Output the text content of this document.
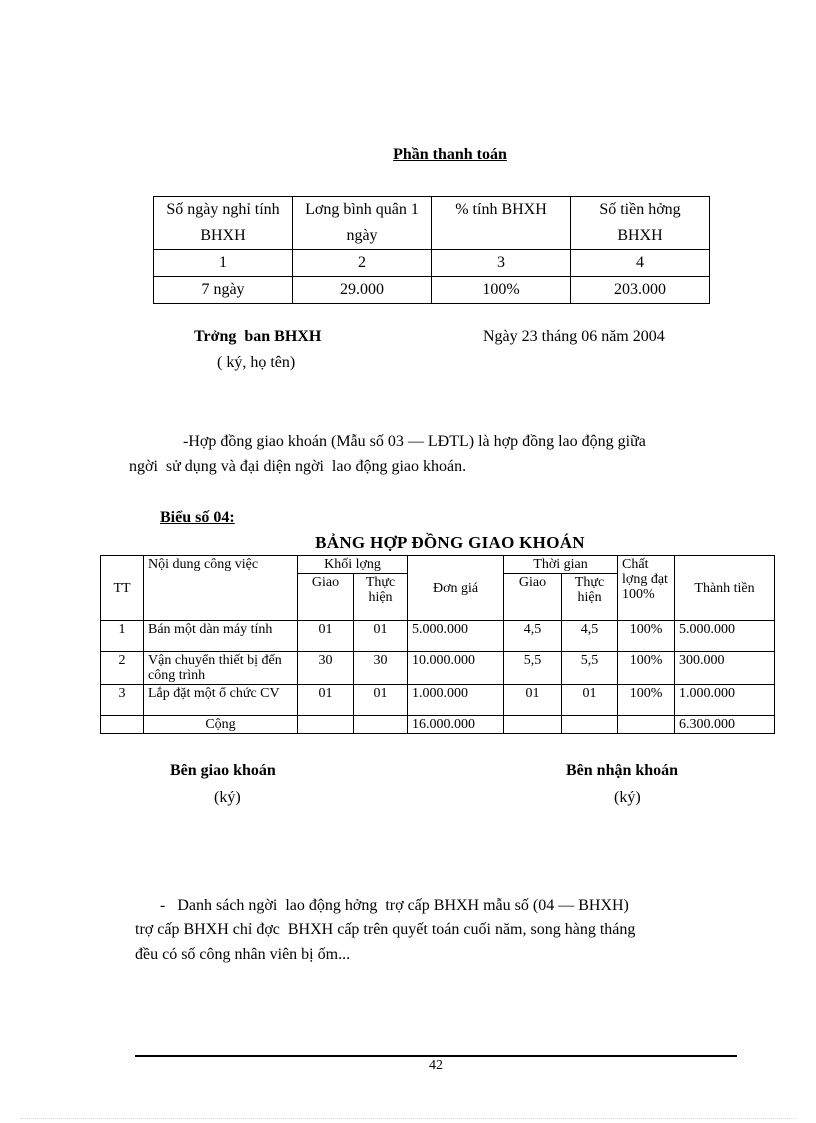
Phần thanh toán
Số ngày nghỉ tính BHXH	Lơng bình quân 1 ngày	% tính BHXH	Số tiền hởng BHXH
1	2	3	4
7 ngày	29.000	100%	203.000
Trởng  ban BHXH
( ký, họ tên)
Ngày 23 tháng 06 năm 2004
-Hợp đồng giao khoán (Mẫu số 03 — LĐTL) là hợp đồng lao động giữa
ngời  sử dụng và đại diện ngời  lao động giao khoán.
Biểu số 04:
BẢNG HỢP ĐỒNG GIAO KHOÁN
TT	Nội dung công việc	Khối lợng		Đơn giá	Thời gian		Chất lợng đạt 100%	Thành tiền
		Giao	Thực hiện		Giao	Thực hiện		
1	Bán một dàn máy tính	01	01	5.000.000	4,5	4,5	100%	5.000.000
2	Vận chuyển thiết bị đến công trình	30	30	10.000.000	5,5	5,5	100%	300.000
3	Lắp đặt một ổ chức CV	01	01	1.000.000	01	01	100%	1.000.000
	Cộng			16.000.000				6.300.000
Bên giao khoán
(ký)
Bên nhận khoán
(ký)
-   Danh sách ngời  lao động hởng  trợ cấp BHXH mẫu số (04 — BHXH)
trợ cấp BHXH chỉ đợc  BHXH cấp trên quyết toán cuối năm, song hàng tháng
đều có số công nhân viên bị ốm...
42
